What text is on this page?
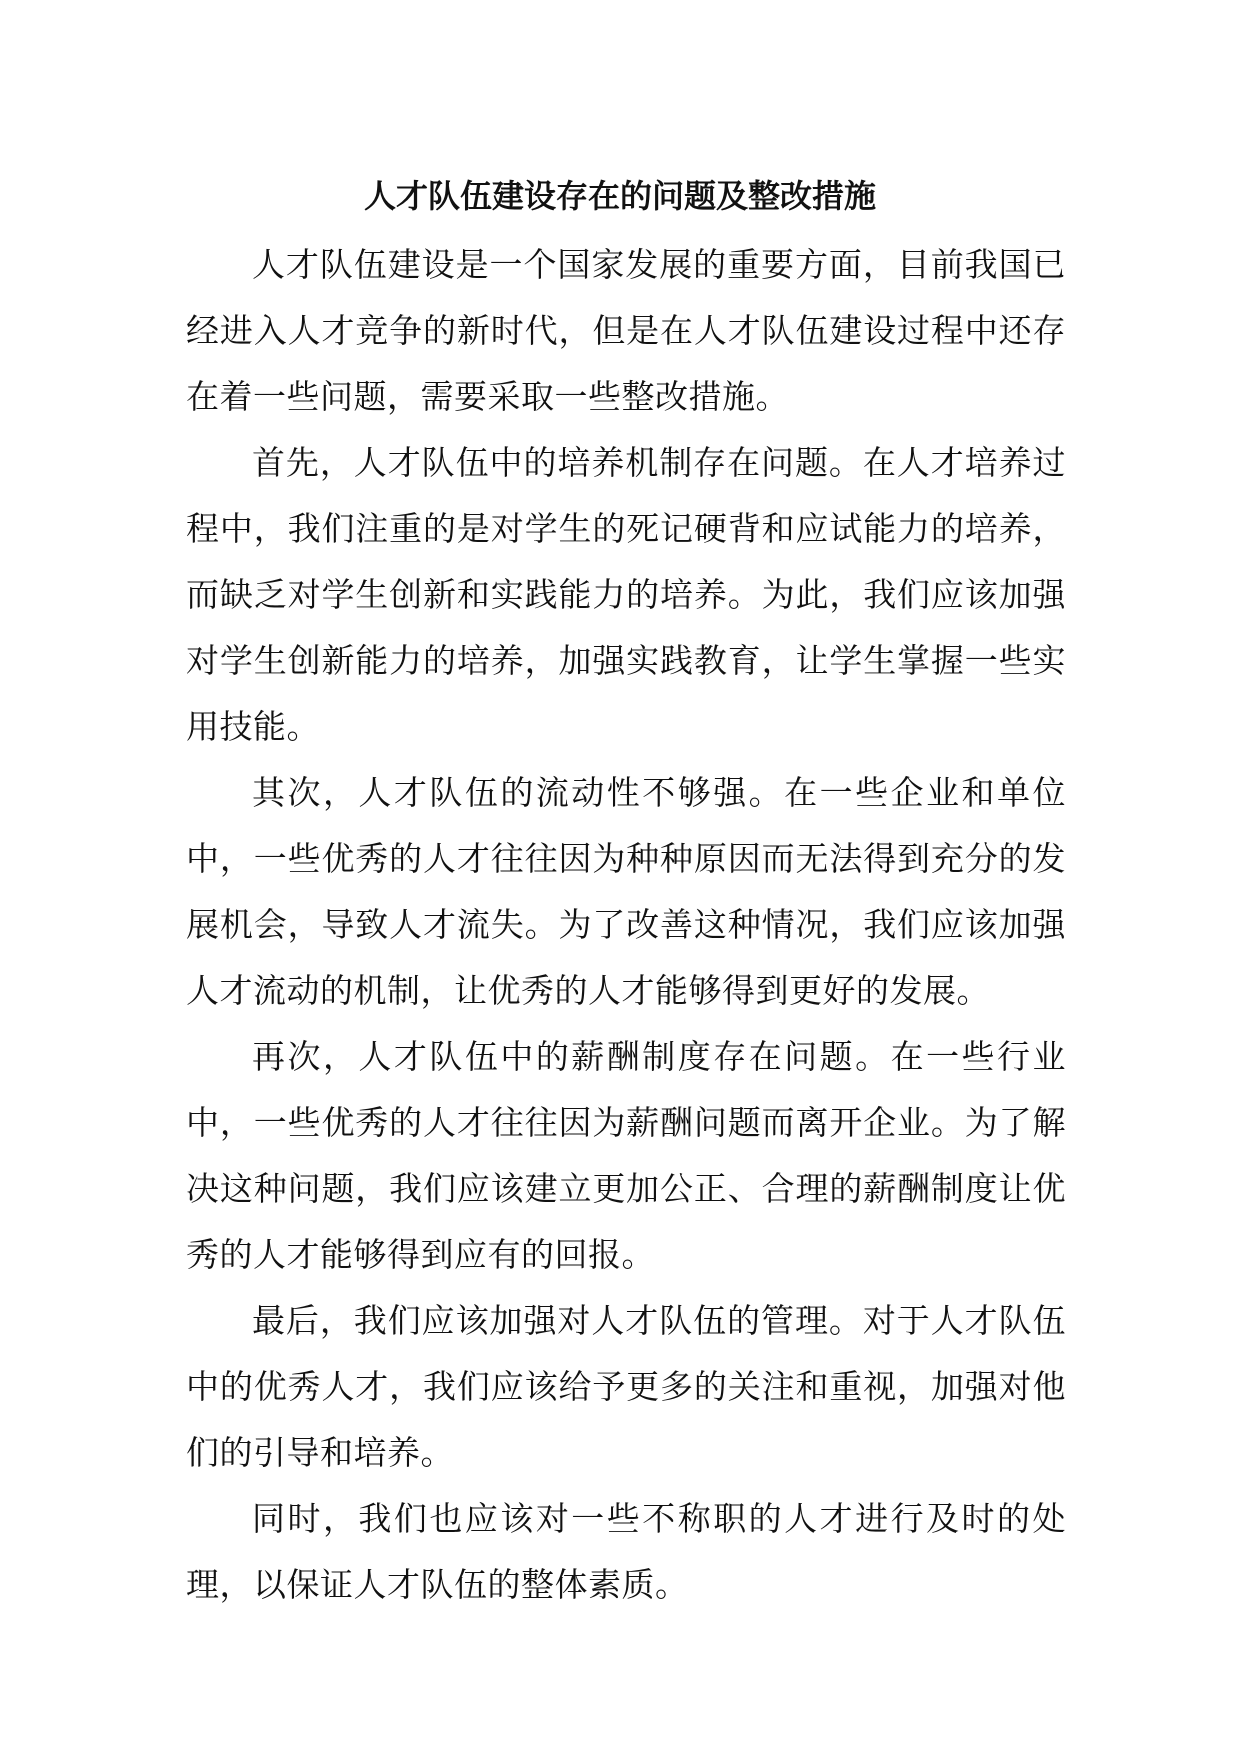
人才队伍建设存在的问题及整改措施

人才队伍建设是一个国家发展的重要方面，目前我国已经进入人才竞争的新时代，但是在人才队伍建设过程中还存在着一些问题，需要采取一些整改措施。

首先，人才队伍中的培养机制存在问题。在人才培养过程中，我们注重的是对学生的死记硬背和应试能力的培养，而缺乏对学生创新和实践能力的培养。为此，我们应该加强对学生创新能力的培养，加强实践教育，让学生掌握一些实用技能。

其次，人才队伍的流动性不够强。在一些企业和单位中，一些优秀的人才往往因为种种原因而无法得到充分的发展机会，导致人才流失。为了改善这种情况，我们应该加强人才流动的机制，让优秀的人才能够得到更好的发展。

再次，人才队伍中的薪酬制度存在问题。在一些行业中，一些优秀的人才往往因为薪酬问题而离开企业。为了解决这种问题，我们应该建立更加公正、合理的薪酬制度让优秀的人才能够得到应有的回报。

最后，我们应该加强对人才队伍的管理。对于人才队伍中的优秀人才，我们应该给予更多的关注和重视，加强对他们的引导和培养。

同时，我们也应该对一些不称职的人才进行及时的处理，以保证人才队伍的整体素质。
